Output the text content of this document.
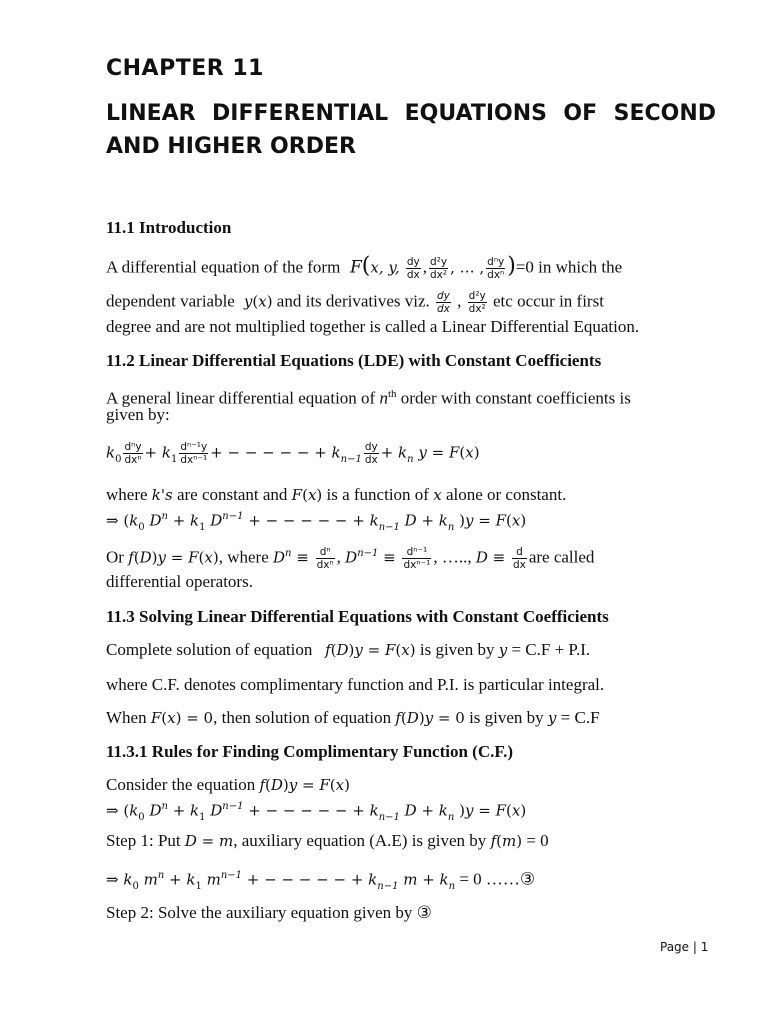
CHAPTER 11
LINEAR DIFFERENTIAL EQUATIONS OF SECOND
AND HIGHER ORDER
11.1 Introduction
A differential equation of the form  F(x, y, $\frac{dy}{dx}$ , $\frac{\text{d²y}}{\text{dx²}}$ , … , $\frac{\text{dⁿy}}{\text{dxⁿ}} )=0$ in which the
dependent variable  y(x) and its derivatives viz. $\frac{dy}{dx}$ , $\frac{\text{d²y}}{\text{dx²}}$ etc occur in first
degree and are not multiplied together is called a Linear Differential Equation.
11.2 Linear Differential Equations (LDE) with Constant Coefficients
A general linear differential equation of $n^{th}$ order with constant coefficients is
given by:
$k_0 \frac{\text{dⁿy}}{\text{dxⁿ}} + k_1 \frac{\text{dⁿ⁻¹y}}{\text{dxⁿ⁻¹}}$ + − − − − − + $k_{n-1} \frac{dy}{dx} + k_n$ y = F(x)
where k's are constant and F(x) is a function of x alone or constant.
⇒ ($k_0$ $D^n + k_1$ $D^{n-1}$ + − − − − − + $k_{n-1}$ $D + k_n$ )y = F(x)
Or f(D)y = F(x), where $D^n \equiv \frac{\text{dⁿ}}{\text{dxⁿ}}$ , $D^{n-1} \equiv \frac{\text{dⁿ⁻¹}}{\text{dxⁿ⁻¹}}$ , ….., $D \equiv \frac{d}{dx}$ are called
differential operators.
11.3 Solving Linear Differential Equations with Constant Coefficients
Complete solution of equation f(D)y = F(x) is given by y = C.F + P.I.
where C.F. denotes complimentary function and P.I. is particular integral.
When F(x) = 0, then solution of equation f(D)y = 0 is given by y = C.F
11.3.1 Rules for Finding Complimentary Function (C.F.)
Consider the equation f(D)y = F(x)
⇒ ($k_0$ $D^n + k_1$ $D^{n-1}$ + − − − − − + $k_{n-1}$ $D + k_n$ )y = F(x)
Step 1: Put D = m, auxiliary equation (A.E) is given by f(m) = 0
⇒ $k_0$ $m^n + k_1$ $m^{n-1}$ + − − − − − + $k_{n-1}$ $m + k_n = 0$ ……③
Step 2: Solve the auxiliary equation given by ③
Page | 1
